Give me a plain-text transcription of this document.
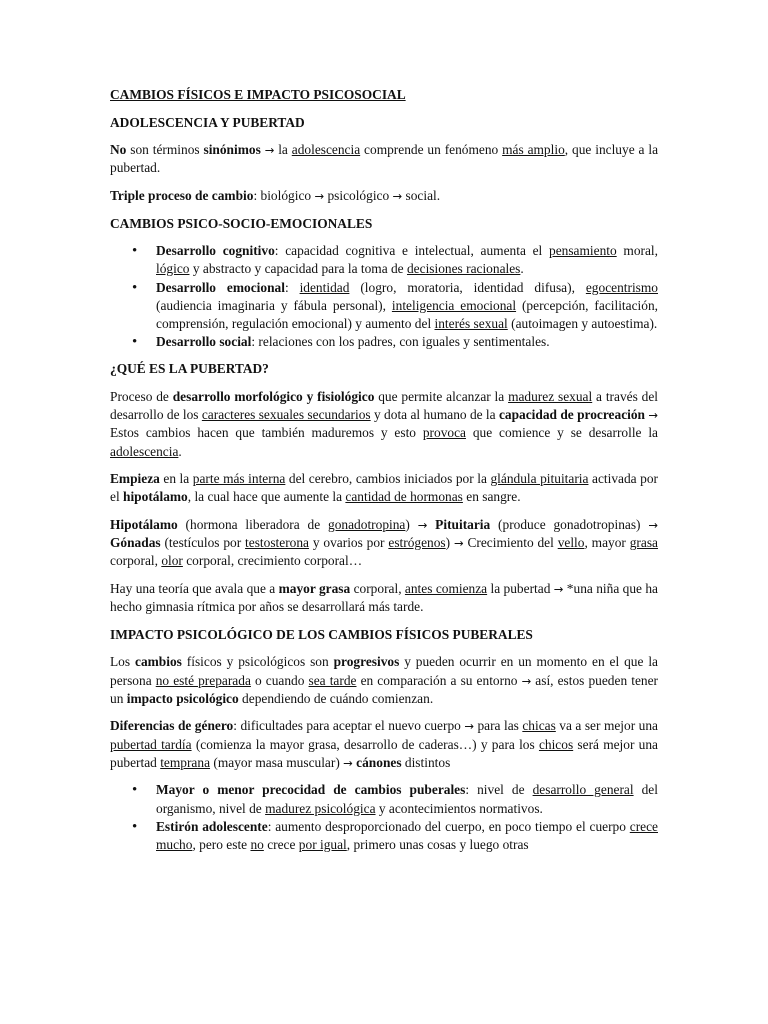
CAMBIOS FÍSICOS E IMPACTO PSICOSOCIAL

ADOLESCENCIA Y PUBERTAD

No son términos sinónimos → la adolescencia comprende un fenómeno más amplio, que incluye a la pubertad.

Triple proceso de cambio: biológico → psicológico → social.

CAMBIOS PSICO-SOCIO-EMOCIONALES

• Desarrollo cognitivo: capacidad cognitiva e intelectual, aumenta el pensamiento moral, lógico y abstracto y capacidad para la toma de decisiones racionales.
• Desarrollo emocional: identidad (logro, moratoria, identidad difusa), egocentrismo (audiencia imaginaria y fábula personal), inteligencia emocional (percepción, facilitación, comprensión, regulación emocional) y aumento del interés sexual (autoimagen y autoestima).
• Desarrollo social: relaciones con los padres, con iguales y sentimentales.

¿QUÉ ES LA PUBERTAD?

Proceso de desarrollo morfológico y fisiológico que permite alcanzar la madurez sexual a través del desarrollo de los caracteres sexuales secundarios y dota al humano de la capacidad de procreación → Estos cambios hacen que también maduremos y esto provoca que comience y se desarrolle la adolescencia.

Empieza en la parte más interna del cerebro, cambios iniciados por la glándula pituitaria activada por el hipotálamo, la cual hace que aumente la cantidad de hormonas en sangre.

Hipotálamo (hormona liberadora de gonadotropina) → Pituitaria (produce gonadotropinas) → Gónadas (testículos por testosterona y ovarios por estrógenos) → Crecimiento del vello, mayor grasa corporal, olor corporal, crecimiento corporal…

Hay una teoría que avala que a mayor grasa corporal, antes comienza la pubertad → *una niña que ha hecho gimnasia rítmica por años se desarrollará más tarde.

IMPACTO PSICOLÓGICO DE LOS CAMBIOS FÍSICOS PUBERALES

Los cambios físicos y psicológicos son progresivos y pueden ocurrir en un momento en el que la persona no esté preparada o cuando sea tarde en comparación a su entorno → así, estos pueden tener un impacto psicológico dependiendo de cuándo comienzan.

Diferencias de género: dificultades para aceptar el nuevo cuerpo → para las chicas va a ser mejor una pubertad tardía (comienza la mayor grasa, desarrollo de caderas…) y para los chicos será mejor una pubertad temprana (mayor masa muscular) → cánones distintos

• Mayor o menor precocidad de cambios puberales: nivel de desarrollo general del organismo, nivel de madurez psicológica y acontecimientos normativos.
• Estirón adolescente: aumento desproporcionado del cuerpo, en poco tiempo el cuerpo crece mucho, pero este no crece por igual, primero unas cosas y luego otras
